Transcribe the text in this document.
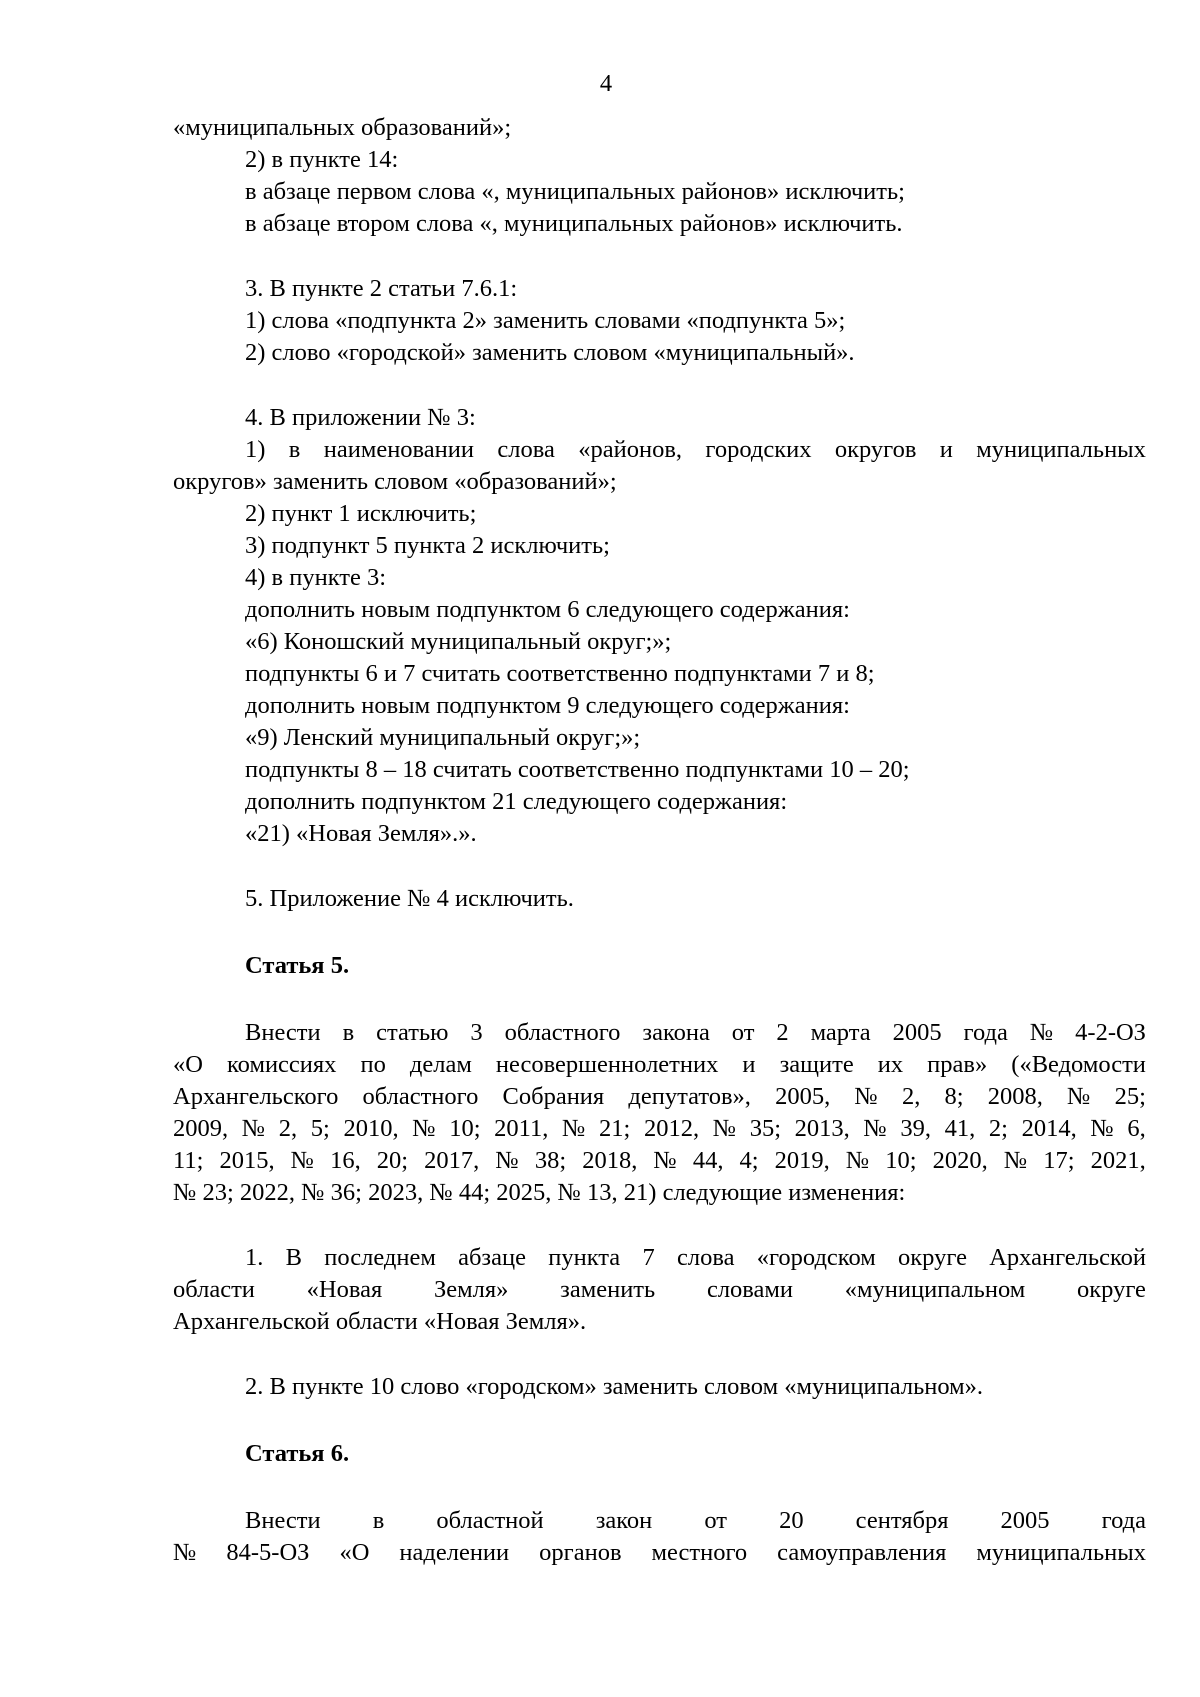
4
«муниципальных образований»;
2) в пункте 14:
в абзаце первом слова «, муниципальных районов» исключить;
в абзаце втором слова «, муниципальных районов» исключить.
3. В пункте 2 статьи 7.6.1:
1) слова «подпункта 2» заменить словами «подпункта 5»;
2) слово «городской» заменить словом «муниципальный».
4. В приложении № 3:
1) в наименовании слова «районов, городских округов и муниципальных
округов» заменить словом «образований»;
2) пункт 1 исключить;
3) подпункт 5 пункта 2 исключить;
4) в пункте 3:
дополнить новым подпунктом 6 следующего содержания:
«6) Коношский муниципальный округ;»;
подпункты 6 и 7 считать соответственно подпунктами 7 и 8;
дополнить новым подпунктом 9 следующего содержания:
«9) Ленский муниципальный округ;»;
подпункты 8 – 18 считать соответственно подпунктами 10 – 20;
дополнить подпунктом 21 следующего содержания:
«21) «Новая Земля».».
5. Приложение № 4 исключить.
Статья 5.
Внести в статью 3 областного закона от 2 марта 2005 года № 4-2-ОЗ
«О комиссиях по делам несовершеннолетних и защите их прав» («Ведомости
Архангельского областного Собрания депутатов», 2005, № 2, 8; 2008, № 25;
2009, № 2, 5; 2010, № 10; 2011, № 21; 2012, № 35; 2013, № 39, 41, 2; 2014, № 6,
11; 2015, № 16, 20; 2017, № 38; 2018, № 44, 4; 2019, № 10; 2020, № 17; 2021,
№ 23; 2022, № 36; 2023, № 44; 2025, № 13, 21) следующие изменения:
1. В последнем абзаце пункта 7 слова «городском округе Архангельской
области «Новая Земля» заменить словами «муниципальном округе
Архангельской области «Новая Земля».
2. В пункте 10 слово «городском» заменить словом «муниципальном».
Статья 6.
Внести в областной закон от 20 сентября 2005 года
№ 84-5-ОЗ «О наделении органов местного самоуправления муниципальных
